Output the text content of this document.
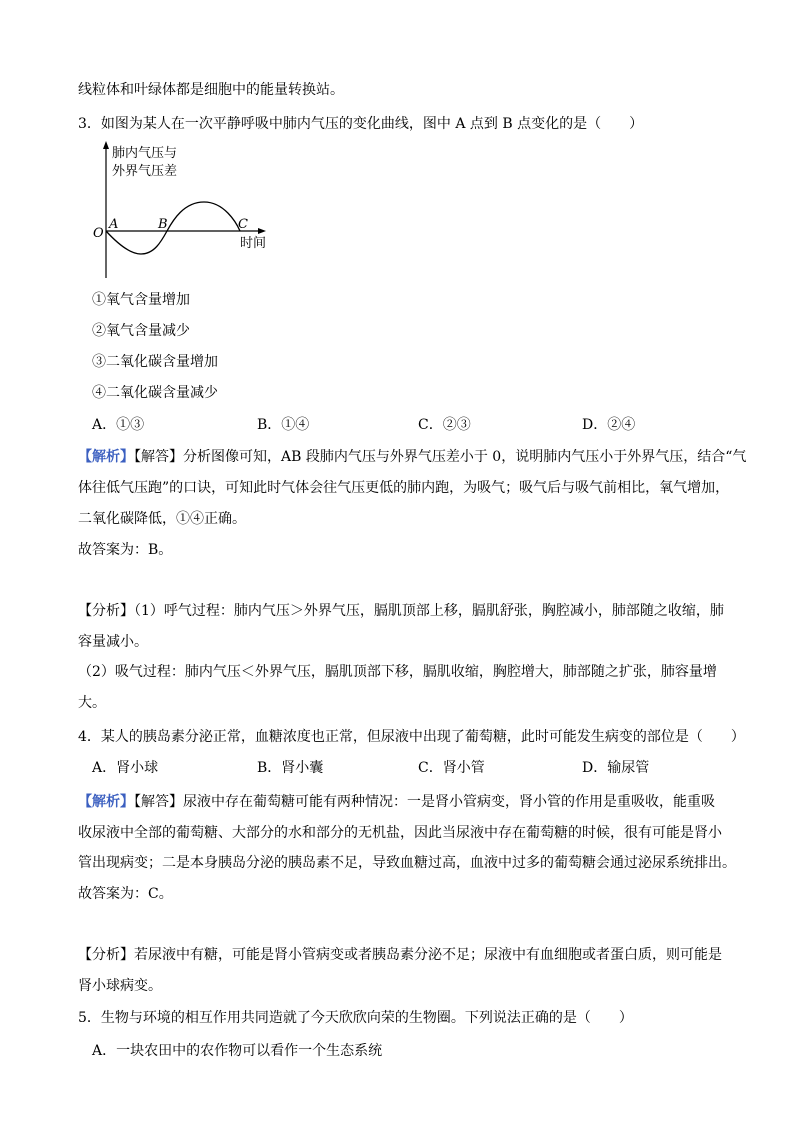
线粒体和叶绿体都是细胞中的能量转换站。
3．如图为某人在一次平静呼吸中肺内气压的变化曲线，图中 A 点到 B 点变化的是（　　）
肺内气压与
外界气压差
O
A	B	C
时间
①氧气含量增加
②氧气含量减少
③二氧化碳含量增加
④二氧化碳含量减少
A．①③	B．①④	C．②③	D．②④
【解析】【解答】分析图像可知，AB 段肺内气压与外界气压差小于 0，说明肺内气压小于外界气压，结合“气
体往低气压跑”的口诀，可知此时气体会往气压更低的肺内跑，为吸气；吸气后与吸气前相比，氧气增加，
二氧化碳降低，①④正确。
故答案为：B。
【分析】（1）呼气过程：肺内气压＞外界气压，膈肌顶部上移，膈肌舒张，胸腔减小，肺部随之收缩，肺
容量减小。
（2）吸气过程：肺内气压＜外界气压，膈肌顶部下移，膈肌收缩，胸腔增大，肺部随之扩张，肺容量增
大。
4．某人的胰岛素分泌正常，血糖浓度也正常，但尿液中出现了葡萄糖，此时可能发生病变的部位是（　　）
A．肾小球	B．肾小囊	C．肾小管	D．输尿管
【解析】【解答】尿液中存在葡萄糖可能有两种情况：一是肾小管病变，肾小管的作用是重吸收，能重吸
收尿液中全部的葡萄糖、大部分的水和部分的无机盐，因此当尿液中存在葡萄糖的时候，很有可能是肾小
管出现病变；二是本身胰岛分泌的胰岛素不足，导致血糖过高，血液中过多的葡萄糖会通过泌尿系统排出。
故答案为：C。
【分析】若尿液中有糖，可能是肾小管病变或者胰岛素分泌不足；尿液中有血细胞或者蛋白质，则可能是
肾小球病变。
5．生物与环境的相互作用共同造就了今天欣欣向荣的生物圈。下列说法正确的是（　　）
A．一块农田中的农作物可以看作一个生态系统
